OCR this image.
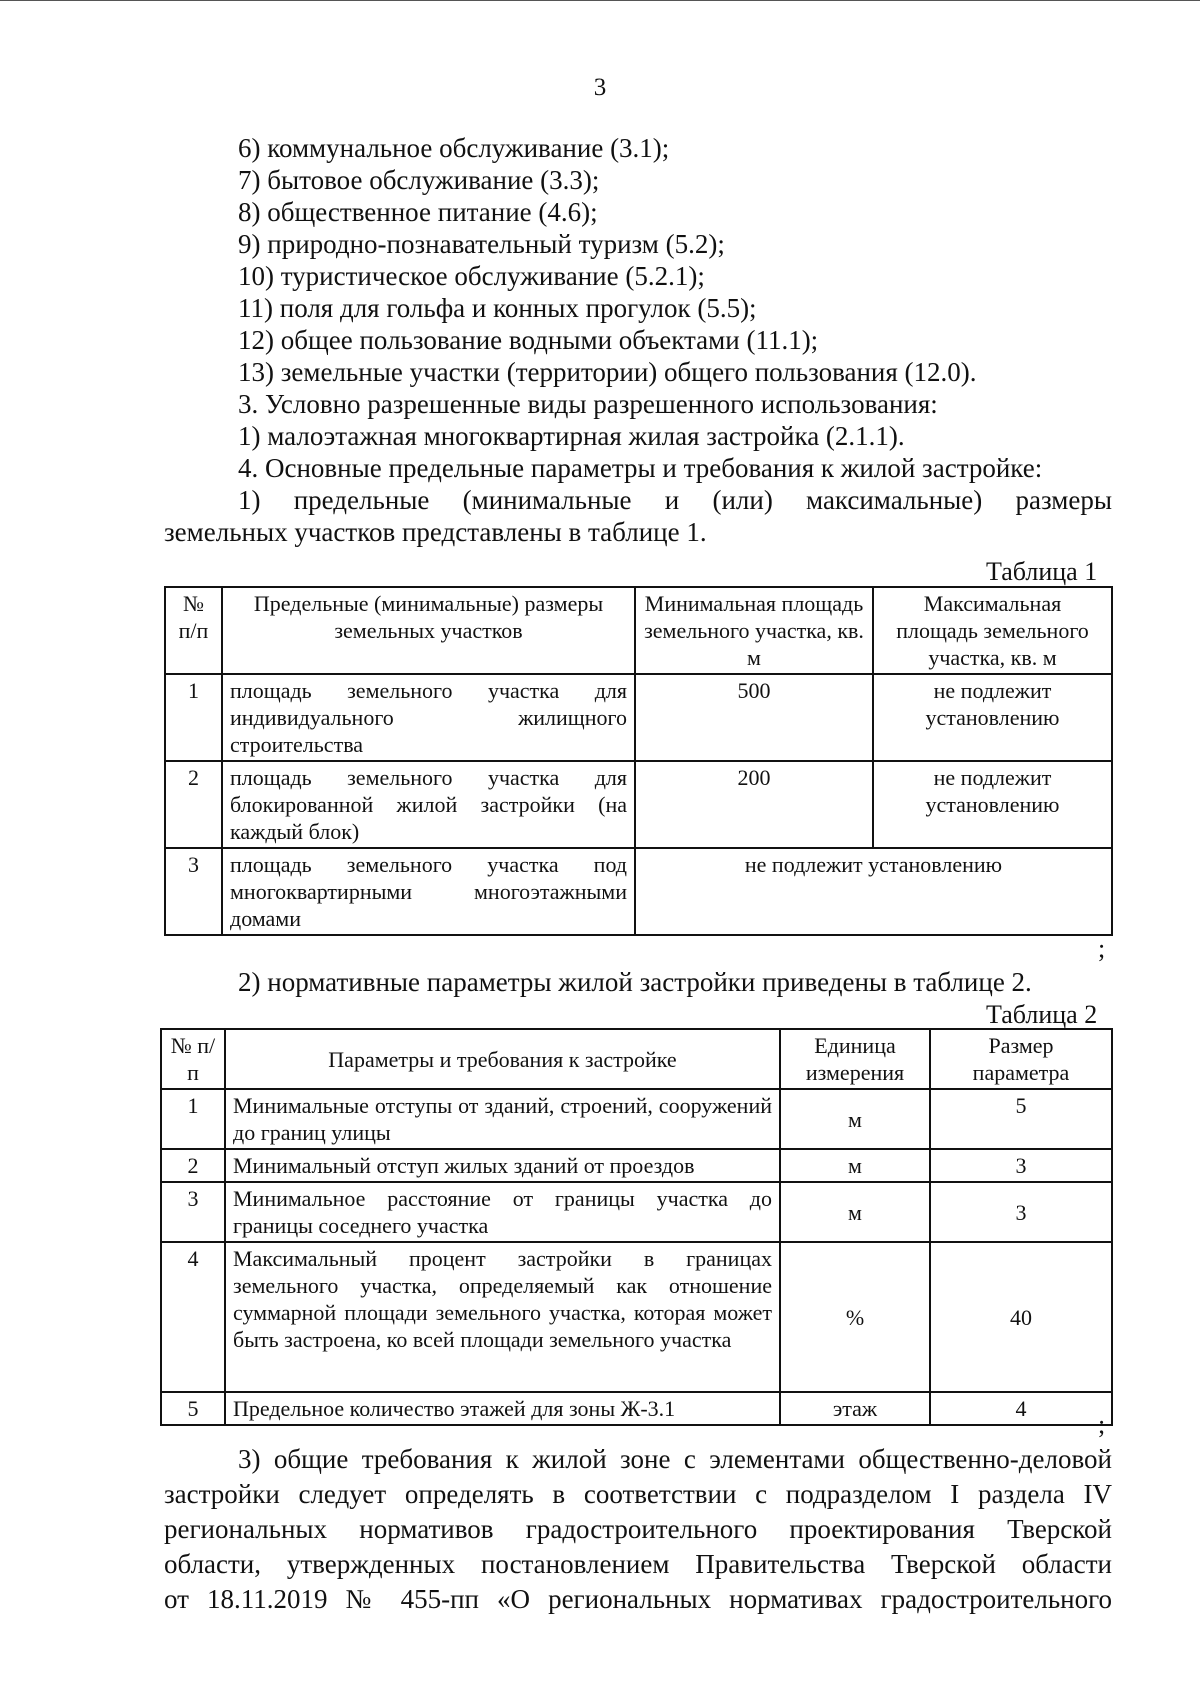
3
6) коммунальное обслуживание (3.1);
7) бытовое обслуживание (3.3);
8) общественное питание (4.6);
9) природно-познавательный туризм (5.2);
10) туристическое обслуживание (5.2.1);
11) поля для гольфа и конных прогулок (5.5);
12) общее пользование водными объектами (11.1);
13) земельные участки (территории) общего пользования (12.0).
3. Условно разрешенные виды разрешенного использования:
1) малоэтажная многоквартирная жилая застройка (2.1.1).
4. Основные предельные параметры и требования к жилой застройке:
1) предельные (минимальные и (или) максимальные) размеры
земельных участков представлены в таблице 1.
Таблица 1
№ п/п	Предельные (минимальные) размеры земельных участков	Минимальная площадь земельного участка, кв. м	Максимальная площадь земельного участка, кв. м
1	площадь земельного участка для индивидуального жилищного строительства	500	не подлежит установлению
2	площадь земельного участка для блокированной жилой застройки (на каждый блок)	200	не подлежит установлению
3	площадь земельного участка под многоквартирными многоэтажными домами	не подлежит установлению	
;
2) нормативные параметры жилой застройки приведены в таблице 2.
Таблица 2
№ п/п	Параметры и требования к застройке	Единица измерения	Размер параметра
1	Минимальные отступы от зданий, строений, сооружений до границ улицы	м	5
2	Минимальный отступ жилых зданий от проездов	м	3
3	Минимальное расстояние от границы участка до границы соседнего участка	м	3
4	Максимальный процент застройки в границах земельного участка, определяемый как отношение суммарной площади земельного участка, которая может быть застроена, ко всей площади земельного участка	%	40
5	Предельное количество этажей для зоны Ж-3.1	этаж	4
;
3) общие требования к жилой зоне с элементами общественно-деловой
застройки следует определять в соответствии с подразделом I раздела IV
региональных нормативов градостроительного проектирования Тверской
области, утвержденных постановлением Правительства Тверской области
от 18.11.2019 № 455-пп «О региональных нормативах градостроительного
